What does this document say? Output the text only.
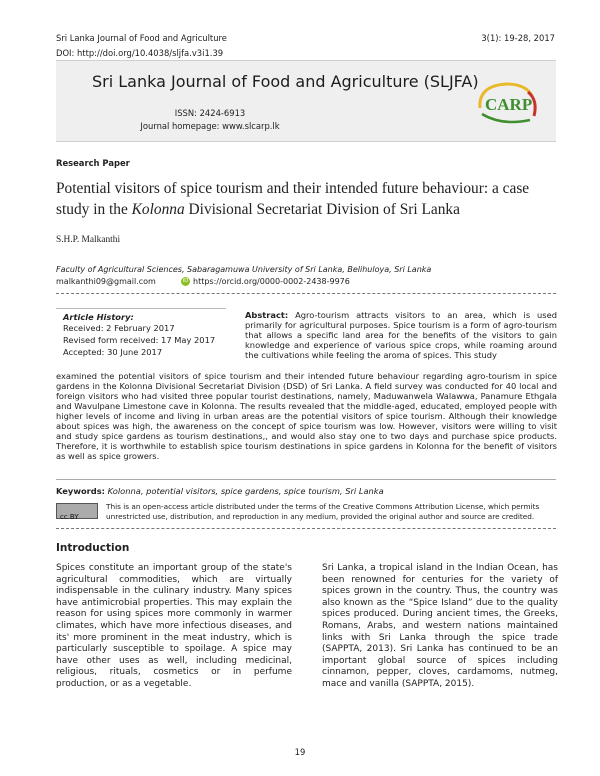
Sri Lanka Journal of Food and Agriculture	3(1): 19-28, 2017
DOI: http://doi.org/10.4038/sljfa.v3i1.39
Sri Lanka Journal of Food and Agriculture (SLJFA)
ISSN: 2424-6913
Journal homepage: www.slcarp.lk
CARP
Research Paper
Potential visitors of spice tourism and their intended future behaviour: a case study in the Kolonna Divisional Secretariat Division of Sri Lanka
S.H.P. Malkanthi
Faculty of Agricultural Sciences, Sabaragamuwa University of Sri Lanka, Belihuloya, Sri Lanka
malkanthi09@gmail.com	iD https://orcid.org/0000-0002-2438-9976
Article History:
Received: 2 February 2017
Revised form received: 17 May 2017
Accepted: 30 June 2017
Abstract: Agro-tourism attracts visitors to an area, which is used primarily for agricultural purposes. Spice tourism is a form of agro-tourism that allows a specific land area for the benefits of the visitors to gain knowledge and experience of various spice crops, while roaming around the cultivations while feeling the aroma of spices. This study
examined the potential visitors of spice tourism and their intended future behaviour regarding agro-tourism in spice gardens in the Kolonna Divisional Secretariat Division (DSD) of Sri Lanka. A field survey was conducted for 40 local and foreign visitors who had visited three popular tourist destinations, namely, Maduwanwela Walawwa, Panamure Ethgala and Wavulpane Limestone cave in Kolonna. The results revealed that the middle-aged, educated, employed people with higher levels of income and living in urban areas are the potential visitors of spice tourism. Although their knowledge about spices was high, the awareness on the concept of spice tourism was low. However, visitors were willing to visit and study spice gardens as tourism destinations,, and would also stay one to two days and purchase spice products. Therefore, it is worthwhile to establish spice tourism destinations in spice gardens in Kolonna for the benefit of visitors as well as spice growers.
Keywords: Kolonna, potential visitors, spice gardens, spice tourism, Sri Lanka
cc BY
This is an open-access article distributed under the terms of the Creative Commons Attribution License, which permits unrestricted use, distribution, and reproduction in any medium, provided the original author and source are credited.
Introduction
Spices constitute an important group of the state's agricultural commodities, which are virtually indispensable in the culinary industry. Many spices have antimicrobial properties. This may explain the reason for using spices more commonly in warmer climates, which have more infectious diseases, and its' more prominent in the meat industry, which is particularly susceptible to spoilage. A spice may have other uses as well, including medicinal, religious, rituals, cosmetics or in perfume production, or as a vegetable.
Sri Lanka, a tropical island in the Indian Ocean, has been renowned for centuries for the variety of spices grown in the country. Thus, the country was also known as the “Spice Island” due to the quality spices produced. During ancient times, the Greeks, Romans, Arabs, and western nations maintained links with Sri Lanka through the spice trade (SAPPTA, 2013). Sri Lanka has continued to be an important global source of spices including cinnamon, pepper, cloves, cardamoms, nutmeg, mace and vanilla (SAPPTA, 2015).
19
